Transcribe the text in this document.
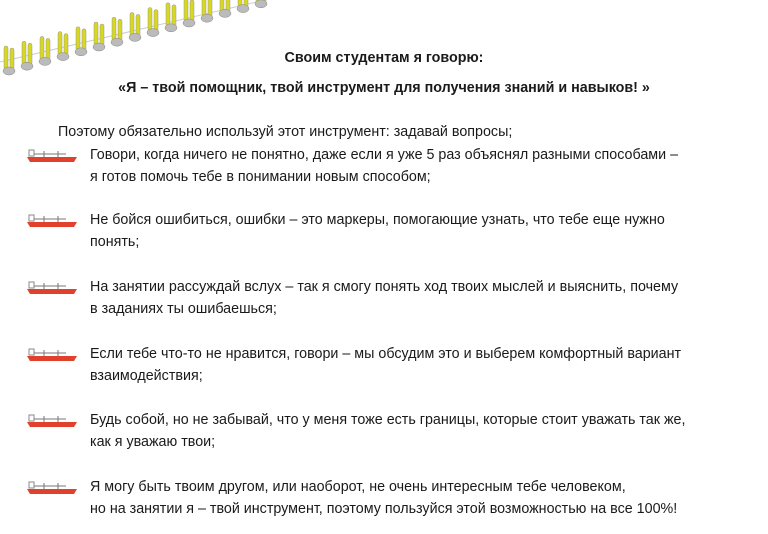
Своим студентам я говорю:
«Я – твой помощник, твой инструмент для получения знаний и навыков! »
Поэтому обязательно используй этот инструмент: задавай вопросы;
Говори, когда ничего не понятно, даже если я уже 5 раз объяснял разными способами –
я готов помочь тебе в понимании новым способом;
Не бойся ошибиться, ошибки – это маркеры, помогающие узнать, что тебе еще нужно
понять;
На занятии рассуждай вслух – так я смогу понять ход твоих мыслей и выяснить, почему
в заданиях ты ошибаешься;
Если тебе что-то не нравится, говори – мы обсудим это и выберем комфортный вариант
взаимодействия;
Будь собой, но не забывай, что у меня тоже есть границы, которые стоит уважать так же,
как я уважаю твои;
Я могу быть твоим другом, или наоборот, не очень интересным тебе человеком,
но на занятии я – твой инструмент, поэтому пользуйся этой возможностью на все 100%!
